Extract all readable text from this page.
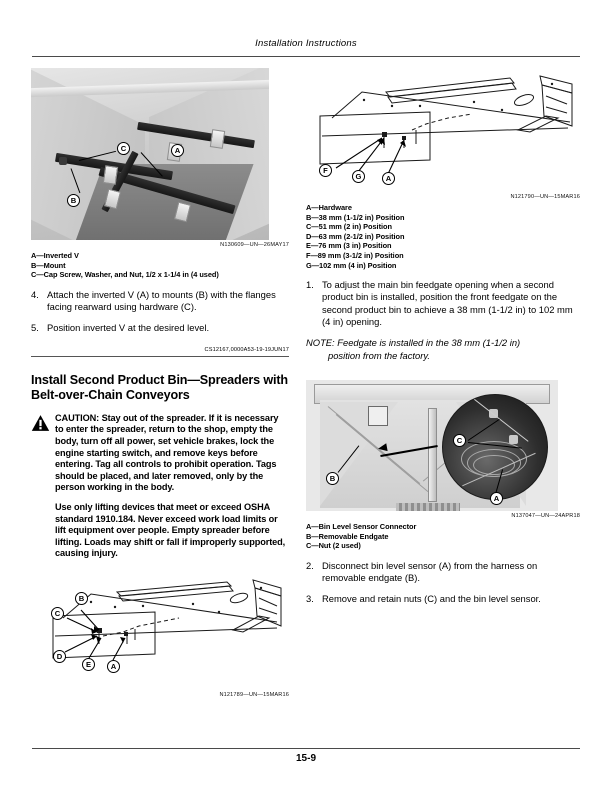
Installation Instructions
C	A
B
N130609—UN—26MAY17
A—Inverted V
B—Mount
C—Cap Screw, Washer, and Nut, 1/2 x 1-1/4 in (4 used)
4. Attach the inverted V (A) to mounts (B) with the flanges facing rearward using hardware (C).
5. Position inverted V at the desired level.
CS12167,0000A53-19-19JUN17
Install Second Product Bin—Spreaders with Belt-over-Chain Conveyors
CAUTION: Stay out of the spreader. If it is necessary to enter the spreader, return to the shop, empty the body, turn off all power, set vehicle brakes, lock the engine starting switch, and remove keys before entering. Tag all controls to prohibit operation. Tags should be placed, and later removed, only by the person working in the body.
Use only lifting devices that meet or exceed OSHA standard 1910.184. Never exceed work load limits or lift equipment over people. Empty spreader before lifting. Loads may shift or fall if improperly supported, causing injury.
C
B
D
E	A
N121789—UN—15MAR16
F
G	A
N121790—UN—15MAR16
A—Hardware
B—38 mm (1-1/2 in) Position
C—51 mm (2 in) Position
D—63 mm (2-1/2 in) Position
E—76 mm (3 in) Position
F—89 mm (3-1/2 in) Position
G—102 mm (4 in) Position
1. To adjust the main bin feedgate opening when a second product bin is installed, position the front feedgate on the second product bin to achieve a 38 mm (1-1/2 in) to 102 mm (4 in) opening.
NOTE: Feedgate is installed in the 38 mm (1-1/2 in)
position from the factory.
C
B
A
N137047—UN—24APR18
A—Bin Level Sensor Connector
B—Removable Endgate
C—Nut (2 used)
2. Disconnect bin level sensor (A) from the harness on removable endgate (B).
3. Remove and retain nuts (C) and the bin level sensor.
15-9
